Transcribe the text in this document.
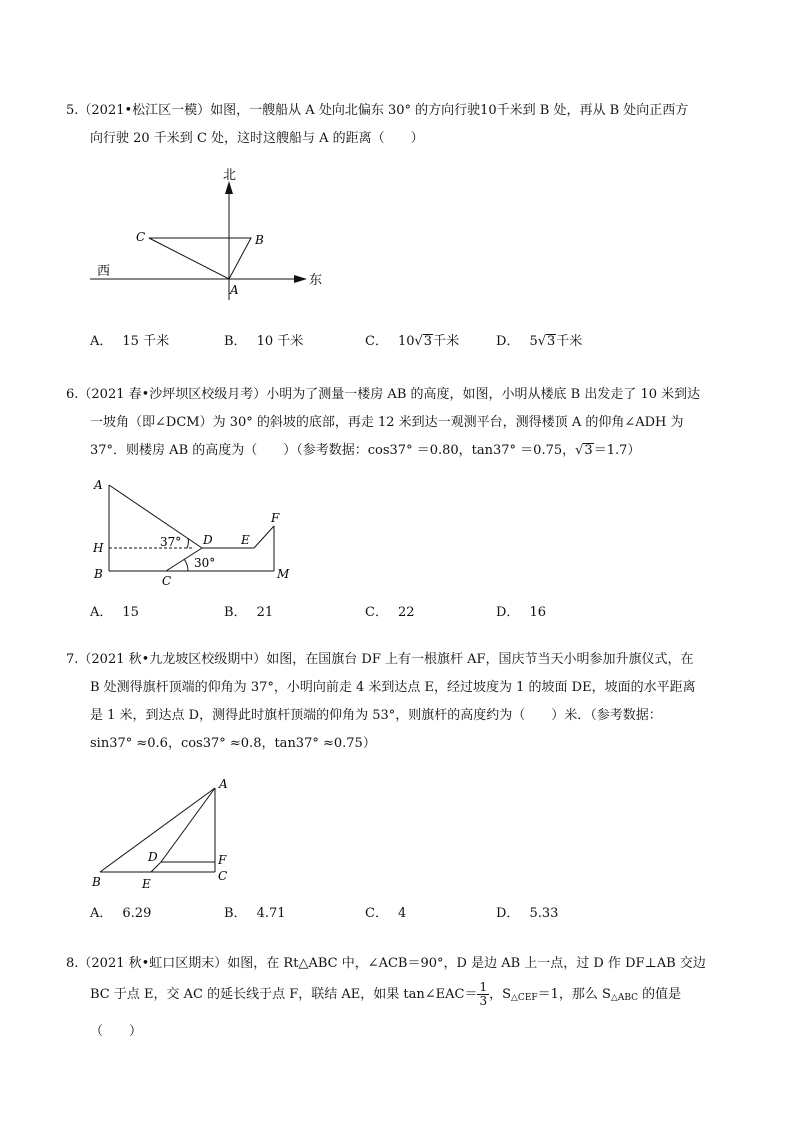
5.（2021•松江区一模）如图，一艘船从 A 处向北偏东 30° 的方向行驶10千米到 B 处，再从 B 处向正西方

向行驶 20 千米到 C 处，这时这艘船与 A 的距离（　　）

北
西
东
A
B
C
A． 15 千米	B． 10 千米	C． 10√3千米	D． 5√3千米

6.（2021 春•沙坪坝区校级月考）小明为了测量一楼房 AB 的高度，如图，小明从楼底 B 出发走了 10 米到达

一坡角（即∠DCM）为 30° 的斜坡的底部，再走 12 米到达一观测平台，测得楼顶 A 的仰角∠ADH 为

37°．则楼房 AB 的高度为（　　）（参考数据：cos37° ＝0.80，tan37° ＝0.75，√3＝1.7）

A
H
B	C
D E
F
M
37°
30°
A． 15	B． 21	C． 22	D． 16

7.（2021 秋•九龙坡区校级期中）如图，在国旗台 DF 上有一根旗杆 AF，国庆节当天小明参加升旗仪式，在

B 处测得旗杆顶端的仰角为 37°，小明向前走 4 米到达点 E，经过坡度为 1 的坡面 DE，坡面的水平距离

是 1 米，到达点 D，测得此时旗杆顶端的仰角为 53°，则旗杆的高度约为（　　）米．（参考数据：

sin37° ≈0.6，cos37° ≈0.8，tan37° ≈0.75）

A
B	E
D	F
C
A． 6.29	B． 4.71	C． 4	D． 5.33

8.（2021 秋•虹口区期末）如图，在 Rt△ABC 中，∠ACB＝90°，D 是边 AB 上一点，过 D 作 DF⊥AB 交边

BC 于点 E，交 AC 的延长线于点 F，联结 AE，如果 tan∠EAC＝ $\frac{1}{3}$ ，$S_{\triangle CEF}=1$，那么 $S_{\triangle ABC}$ 的值是（　　）
